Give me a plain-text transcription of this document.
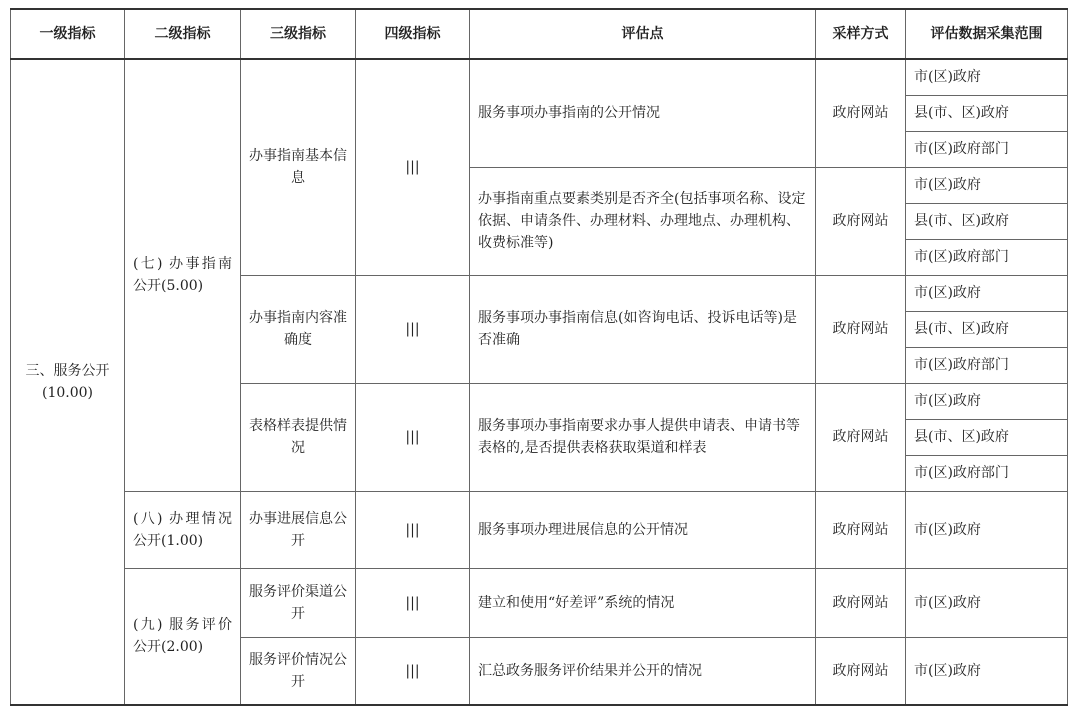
一级指标	二级指标	三级指标	四级指标	评估点	采样方式	评估数据采集范围

三、服务公开
(10.00)	(七) 办事指南公开(5.00)	办事指南基本信息	|||	服务事项办事指南的公开情况	政府网站	市(区)政府
						县(市、区)政府
						市(区)政府部门
				办事指南重点要素类别是否齐全(包括事项名称、设定依据、申请条件、办理材料、办理地点、办理机构、收费标准等)	政府网站	市(区)政府
						县(市、区)政府
						市(区)政府部门
		办事指南内容准确度	|||	服务事项办事指南信息(如咨询电话、投诉电话等)是否准确	政府网站	市(区)政府
						县(市、区)政府
						市(区)政府部门
		表格样表提供情况	|||	服务事项办事指南要求办事人提供申请表、申请书等表格的,是否提供表格获取渠道和样表	政府网站	市(区)政府
						县(市、区)政府
						市(区)政府部门
	(八) 办理情况公开(1.00)	办事进展信息公开	|||	服务事项办理进展信息的公开情况	政府网站	市(区)政府
	(九) 服务评价公开(2.00)	服务评价渠道公开	|||	建立和使用“好差评”系统的情况	政府网站	市(区)政府
		服务评价情况公开	|||	汇总政务服务评价结果并公开的情况	政府网站	市(区)政府
